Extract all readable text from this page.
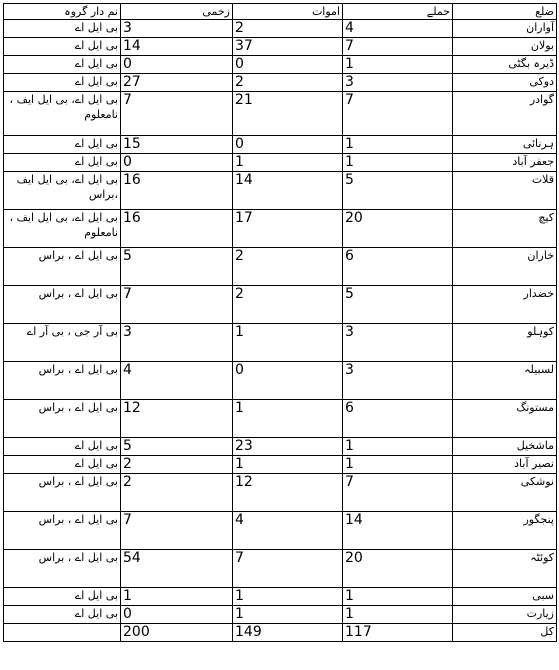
ضلع	حملے	اموات	زخمی	نم دار گروہ
آواران	4	2	3	بی ایل اے
بولان	7	37	14	بی ایل اے
ڈیرہ بگٹی	1	0	0	بی ایل اے
دوکی	3	2	27	بی ایل اے
گوادر	7	21	7	بی ایل اے، بی ایل ایف ، نامعلوم
ہرنائی	1	0	15	بی ایل اے
جعفر آباد	1	1	0	بی ایل اے
قلات	5	14	16	بی ایل اے، بی ایل ایف ،براس
کیچ	20	17	16	بی ایل اے، بی ایل ایف ، نامعلوم
خاران	6	2	5	بی ایل اے ، براس
خضدار	5	2	7	بی ایل اے ، براس
کوہلو	3	1	3	بی آر جی ، بی آر اے
لسبیلہ	3	0	4	بی ایل اے ، براس
مستونگ	6	1	12	بی ایل اے ، براس
ماشخیل	1	23	5	بی ایل اے
نصیر آباد	1	1	2	بی ایل اے
نوشکی	7	12	2	بی ایل اے ، براس
پنجگور	14	4	7	بی ایل اے ، براس
کوئٹہ	20	7	54	بی ایل اے ، براس
سبی	1	1	1	بی ایل اے
زیارت	1	1	0	بی ایل اے
کل	117	149	200	
